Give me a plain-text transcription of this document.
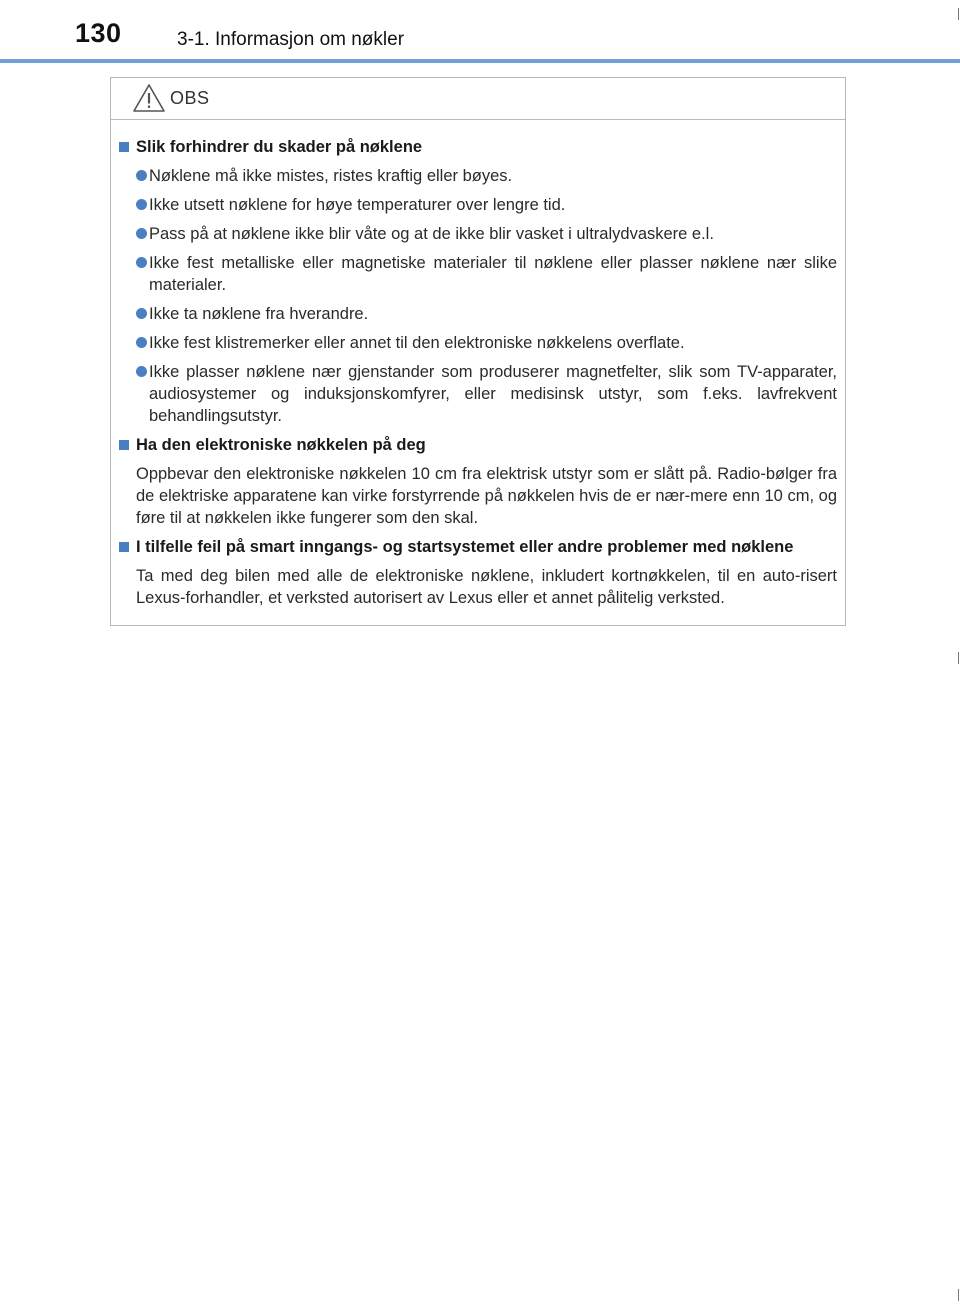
130	3-1. Informasjon om nøkler
OBS
Slik forhindrer du skader på nøklene
Nøklene må ikke mistes, ristes kraftig eller bøyes.
Ikke utsett nøklene for høye temperaturer over lengre tid.
Pass på at nøklene ikke blir våte og at de ikke blir vasket i ultralydvaskere e.l.
Ikke fest metalliske eller magnetiske materialer til nøklene eller plasser nøklene nær slike materialer.
Ikke ta nøklene fra hverandre.
Ikke fest klistremerker eller annet til den elektroniske nøkkelens overflate.
Ikke plasser nøklene nær gjenstander som produserer magnetfelter, slik som TV-apparater, audiosystemer og induksjonskomfyrer, eller medisinsk utstyr, som f.eks. lavfrekvent behandlingsutstyr.
Ha den elektroniske nøkkelen på deg
Oppbevar den elektroniske nøkkelen 10 cm fra elektrisk utstyr som er slått på. Radio-bølger fra de elektriske apparatene kan virke forstyrrende på nøkkelen hvis de er nær-mere enn 10 cm, og føre til at nøkkelen ikke fungerer som den skal.
I tilfelle feil på smart inngangs- og startsystemet eller andre problemer med nøklene
Ta med deg bilen med alle de elektroniske nøklene, inkludert kortnøkkelen, til en auto-risert Lexus-forhandler, et verksted autorisert av Lexus eller et annet pålitelig verksted.
